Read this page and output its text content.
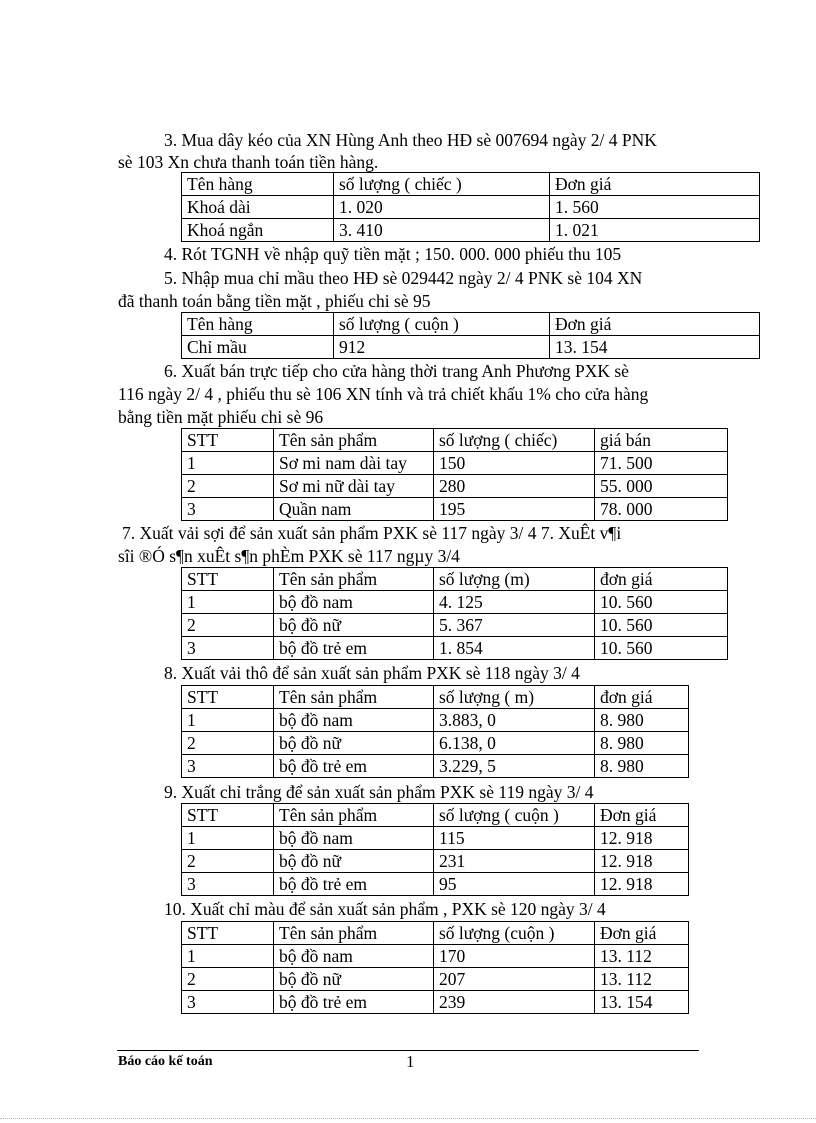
3. Mua dây kéo của XN Hùng Anh theo HĐ sè 007694 ngày 2/ 4 PNK
sè 103 Xn chưa thanh toán tiền hàng.
Tên hàng	số lượng ( chiếc )	Đơn giá
Khoá dài	1. 020	1. 560
Khoá ngắn	3. 410	1. 021
4. Rót TGNH về nhập quỹ tiền mặt ; 150. 000. 000 phiếu thu 105
5. Nhập mua chỉ mầu theo HĐ sè 029442 ngày 2/ 4 PNK sè 104 XN
đã thanh toán bằng tiền mặt , phiếu chi sè 95
Tên hàng	số lượng ( cuộn )	Đơn giá
Chỉ mầu	912	13. 154
6. Xuất bán trực tiếp cho cửa hàng thời trang Anh Phương PXK sè
116 ngày 2/ 4 , phiếu thu sè 106 XN tính và trả chiết khấu 1% cho cửa hàng
bằng tiền mặt phiếu chi sè 96
STT	Tên sản phẩm	số lượng ( chiếc)	giá bán
1	Sơ mi nam dài tay	150	71. 500
2	Sơ mi nữ dài tay	280	55. 000
3	Quần nam	195	78. 000
7. Xuất vải sợi để sản xuất sản phẩm PXK sè 117 ngày 3/ 4 7. XuÊt v¶i
sîi ®Ó s¶n xuÊt s¶n phÈm PXK sè 117 ngµy 3/4
STT	Tên sản phẩm	số lượng (m)	đơn giá
1	bộ đồ nam	4. 125	10. 560
2	bộ đồ nữ	5. 367	10. 560
3	bộ đồ trẻ em	1. 854	10. 560
8. Xuất vải thô để sản xuất sản phẩm PXK sè 118 ngày 3/ 4
STT	Tên sản phẩm	số lượng ( m)	đơn giá
1	bộ đồ nam	3.883, 0	8. 980
2	bộ đồ nữ	6.138, 0	8. 980
3	bộ đồ trẻ em	3.229, 5	8. 980
9. Xuất chỉ trắng để sản xuất sản phẩm PXK sè 119 ngày 3/ 4
STT	Tên sản phẩm	số lượng ( cuộn )	Đơn giá
1	bộ đồ nam	115	12. 918
2	bộ đồ nữ	231	12. 918
3	bộ đồ trẻ em	95	12. 918
10. Xuất chỉ màu để sản xuất sản phẩm , PXK sè 120 ngày 3/ 4
STT	Tên sản phẩm	số lượng (cuộn )	Đơn giá
1	bộ đồ nam	170	13. 112
2	bộ đồ nữ	207	13. 112
3	bộ đồ trẻ em	239	13. 154
Báo cáo kế toán	1
